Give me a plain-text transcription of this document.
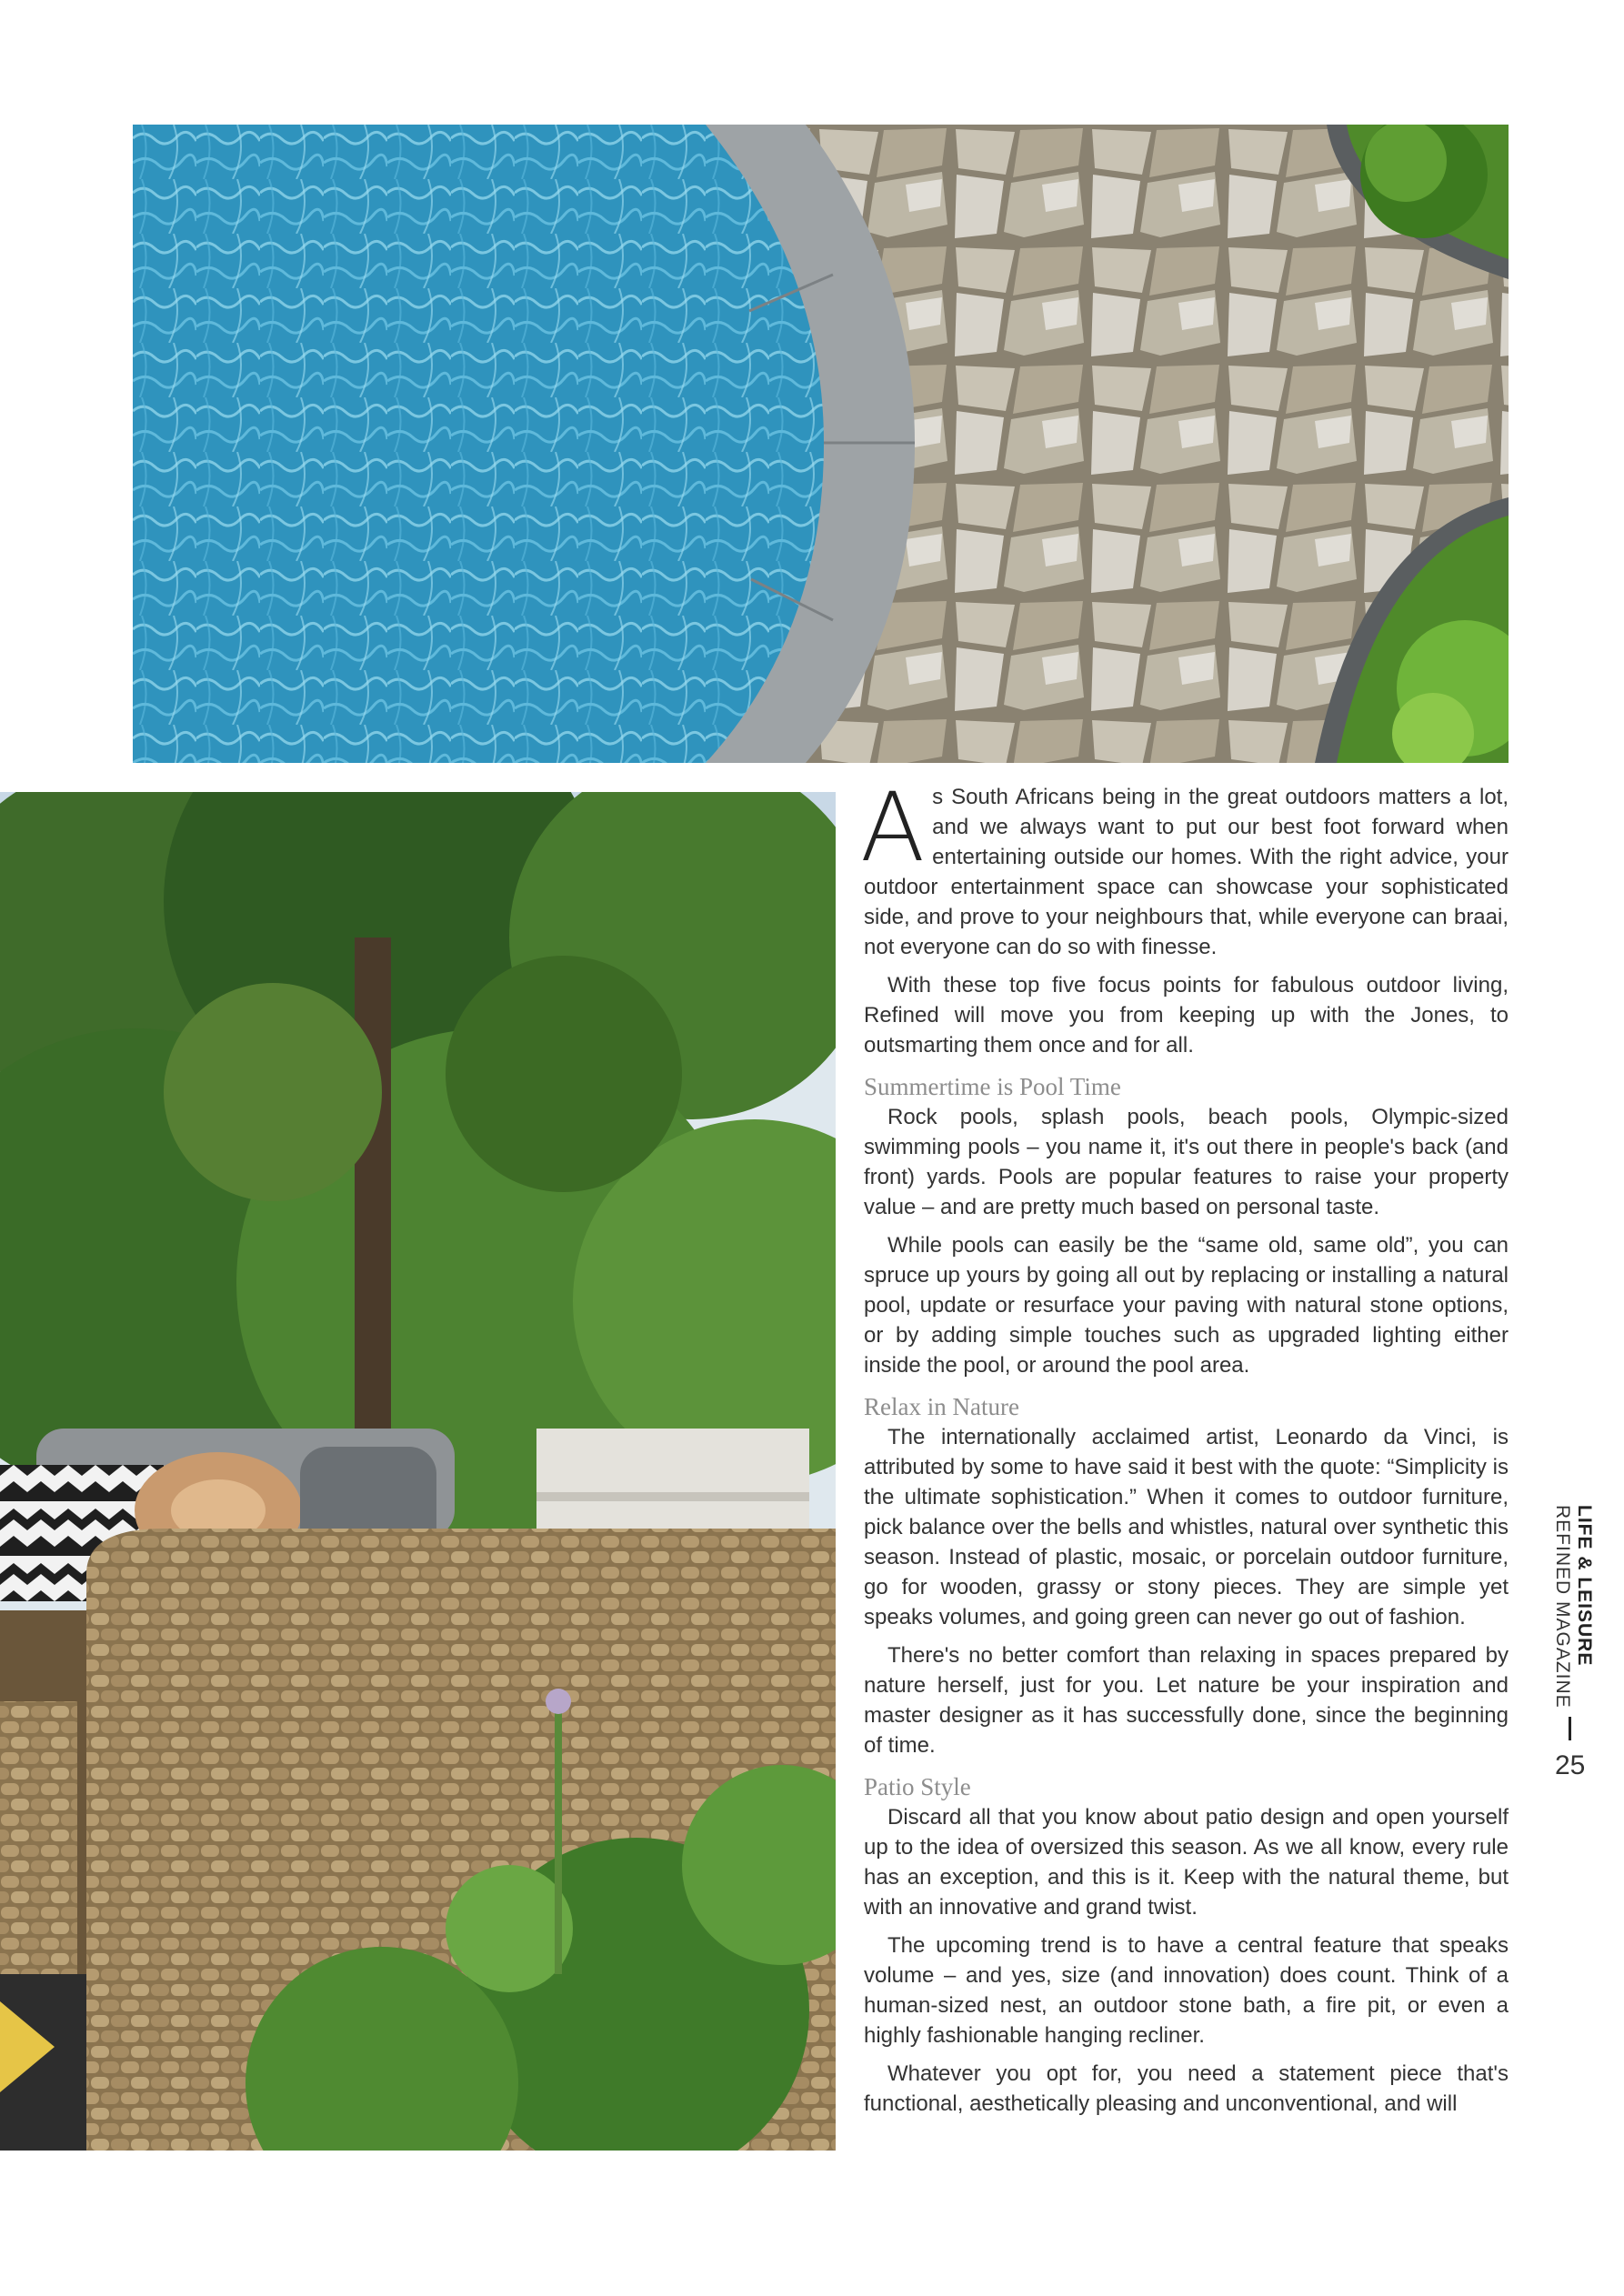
As South Africans being in the great outdoors matters a lot, and we always want to put our best foot forward when entertaining outside our homes. With the right advice, your outdoor entertainment space can showcase your sophisticated side, and prove to your neighbours that, while everyone can braai, not everyone can do so with finesse.

With these top five focus points for fabulous outdoor living, Refined will move you from keeping up with the Jones, to outsmarting them once and for all.

Summertime is Pool Time

Rock pools, splash pools, beach pools, Olympic-sized swimming pools – you name it, it's out there in people's back (and front) yards. Pools are popular features to raise your property value – and are pretty much based on personal taste.

While pools can easily be the “same old, same old”, you can spruce up yours by going all out by replacing or installing a natural pool, update or resurface your paving with natural stone options, or by adding simple touches such as upgraded lighting either inside the pool, or around the pool area.

Relax in Nature

The internationally acclaimed artist, Leonardo da Vinci, is attributed by some to have said it best with the quote: “Simplicity is the ultimate sophistication.” When it comes to outdoor furniture, pick balance over the bells and whistles, natural over synthetic this season. Instead of plastic, mosaic, or porcelain outdoor furniture, go for wooden, grassy or stony pieces. They are simple yet speaks volumes, and going green can never go out of fashion.

There's no better comfort than relaxing in spaces prepared by nature herself, just for you. Let nature be your inspiration and master designer as it has successfully done, since the beginning of time.

Patio Style

Discard all that you know about patio design and open yourself up to the idea of oversized this season. As we all know, every rule has an exception, and this is it. Keep with the natural theme, but with an innovative and grand twist.

The upcoming trend is to have a central feature that speaks volume – and yes, size (and innovation) does count. Think of a human-sized nest, an outdoor stone bath, a fire pit, or even a highly fashionable hanging recliner.

Whatever you opt for, you need a statement piece that's functional, aesthetically pleasing and unconventional, and will

LIFE & LEISURE
REFINED MAGAZINE
25
